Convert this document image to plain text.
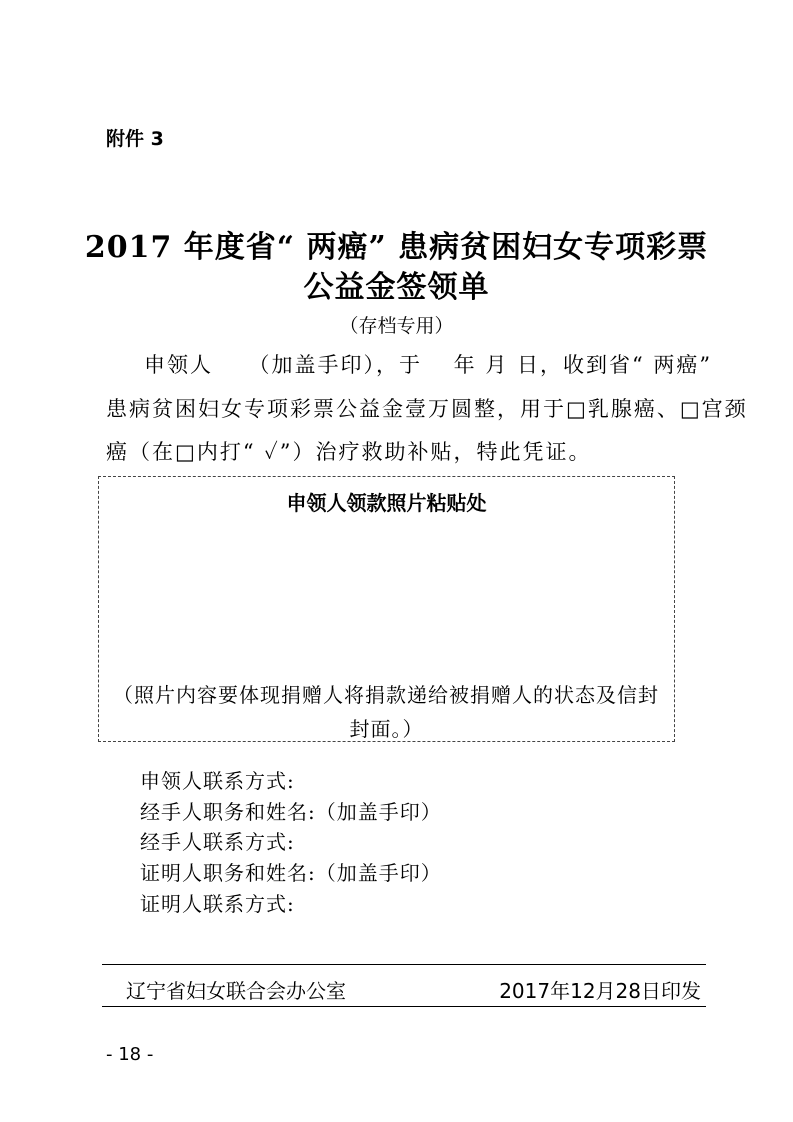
附件 3
2017 年度省“ 两癌” 患病贫困妇女专项彩票
公益金签领单
（存档专用）
申领人　　（加盖手印），于　 年 月 日，收到省“ 两癌”
患病贫困妇女专项彩票公益金壹万圆整，用于□乳腺癌、□宫颈
癌（在□内打“ ✓”）治疗救助补贴，特此凭证。
申领人领款照片粘贴处
（照片内容要体现捐赠人将捐款递给被捐赠人的状态及信封
封面。）
申领人联系方式:
经手人职务和姓名:（加盖手印）
经手人联系方式:
证明人职务和姓名:（加盖手印）
证明人联系方式:
辽宁省妇女联合会办公室	2017年12月28日印发
- 18 -
